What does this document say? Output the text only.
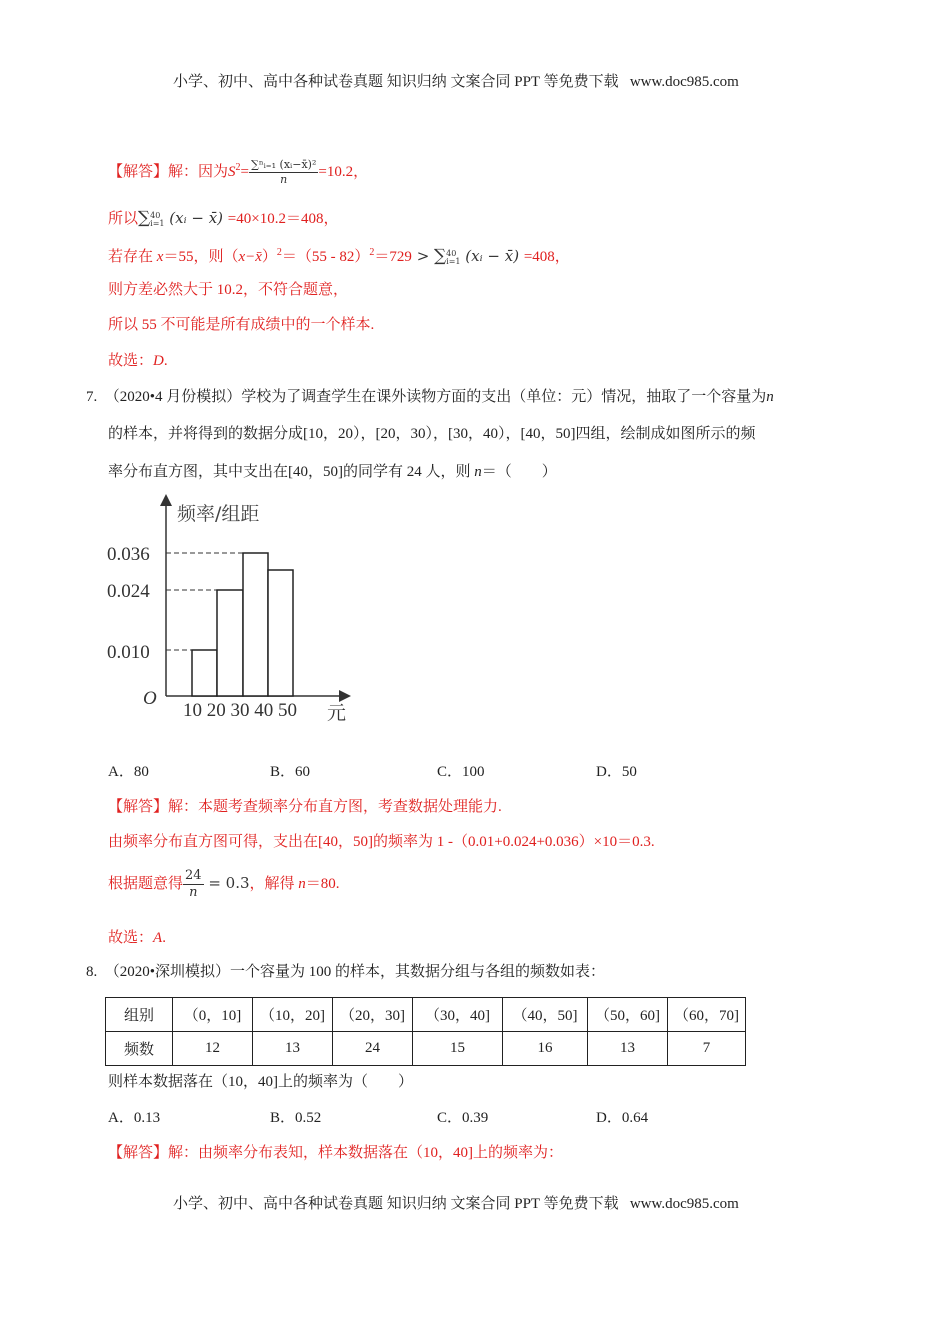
小学、初中、高中各种试卷真题 知识归纳 文案合同 PPT 等免费下载 www.doc985.com
【解答】解：因为$S^2= \frac{\text{∑ⁿᵢ₌₁ (xᵢ−x̄)²}}{n} =10.2$，
所以∑ 40
i=1 (xᵢ − x̄) =40×10.2＝408，
若存在 x＝55，则（x−x̄）$^2$＝（55 - 82）$^2$＝729 > ∑ 40
i=1 (xᵢ − x̄) =408，
则方差必然大于 10.2，不符合题意，
所以 55 不可能是所有成绩中的一个样本.
故选：D.
7. （2020•4 月份模拟）学校为了调查学生在课外读物方面的支出（单位：元）情况，抽取了一个容量为n
的样本，并将得到的数据分成[10，20），[20，30），[30，40），[40，50]四组，绘制成如图所示的频
率分布直方图，其中支出在[40，50]的同学有 24 人，则 n＝（　　）
频率/组距
0.036
0.024
0.010
O
10 20 30 40 50 元
A．80	B．60	C．100	D．50
【解答】解：本题考查频率分布直方图，考查数据处理能力.
由频率分布直方图可得，支出在[40，50]的频率为 1 -（0.01+0.024+0.036）×10＝0.3.
根据题意得 $\frac{24}{n} = 0.3$，解得 n＝80.
故选：A.
8. （2020•深圳模拟）一个容量为 100 的样本，其数据分组与各组的频数如表：
组别	（0，10]	（10，20]	（20，30]	（30，40]	（40，50]	（50，60]	（60，70]
频数	12	13	24	15	16	13	7
则样本数据落在（10，40]上的频率为（　　）
A．0.13	B．0.52	C．0.39	D．0.64
【解答】解：由频率分布表知，样本数据落在（10，40]上的频率为：
小学、初中、高中各种试卷真题 知识归纳 文案合同 PPT 等免费下载 www.doc985.com
